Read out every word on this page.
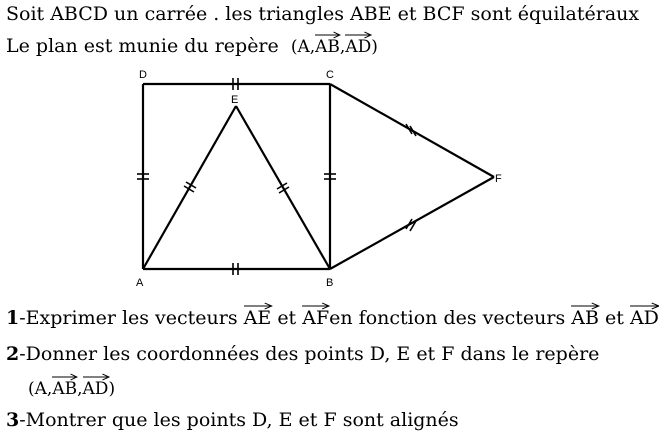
Soit ABCD un carrée . les triangles ABE et BCF sont équilatéraux
Le plan est munie du repère (A,
AB,
AD)
A	B
C
D
E
F
1-Exprimer les vecteurs AE et AFen fonction des vecteurs AB et AD
2-Donner les coordonnées des points D, E et F dans le repère
(A,
AB,
AD)
3-Montrer que les points D, E et F sont alignés
